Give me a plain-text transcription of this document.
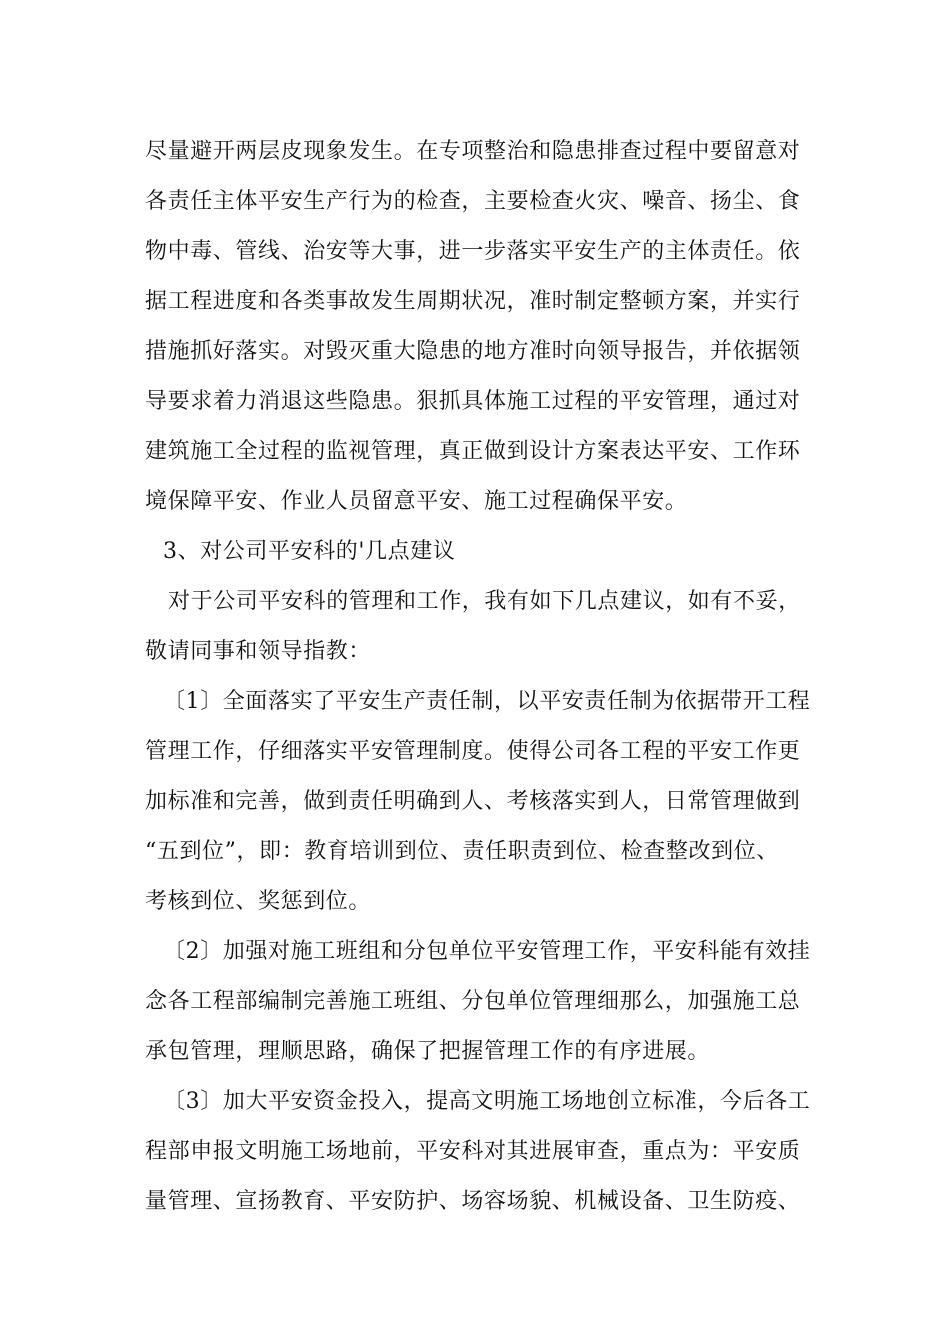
尽量避开两层皮现象发生。在专项整治和隐患排查过程中要留意对
各责任主体平安生产行为的检查，主要检查火灾、噪音、扬尘、食
物中毒、管线、治安等大事，进一步落实平安生产的主体责任。依
据工程进度和各类事故发生周期状况，准时制定整顿方案，并实行
措施抓好落实。对毁灭重大隐患的地方准时向领导报告，并依据领
导要求着力消退这些隐患。狠抓具体施工过程的平安管理，通过对
建筑施工全过程的监视管理，真正做到设计方案表达平安、工作环
境保障平安、作业人员留意平安、施工过程确保平安。
3、对公司平安科的'几点建议
对于公司平安科的管理和工作，我有如下几点建议，如有不妥，
敬请同事和领导指教：
〔1〕全面落实了平安生产责任制，以平安责任制为依据带开工程
管理工作，仔细落实平安管理制度。使得公司各工程的平安工作更
加标准和完善，做到责任明确到人、考核落实到人，日常管理做到
“五到位”，即：教育培训到位、责任职责到位、检查整改到位、
考核到位、奖惩到位。
〔2〕加强对施工班组和分包单位平安管理工作，平安科能有效挂
念各工程部编制完善施工班组、分包单位管理细那么，加强施工总
承包管理，理顺思路，确保了把握管理工作的有序进展。
〔3〕加大平安资金投入，提高文明施工场地创立标准，今后各工
程部申报文明施工场地前，平安科对其进展审查，重点为：平安质
量管理、宣扬教育、平安防护、场容场貌、机械设备、卫生防疫、
